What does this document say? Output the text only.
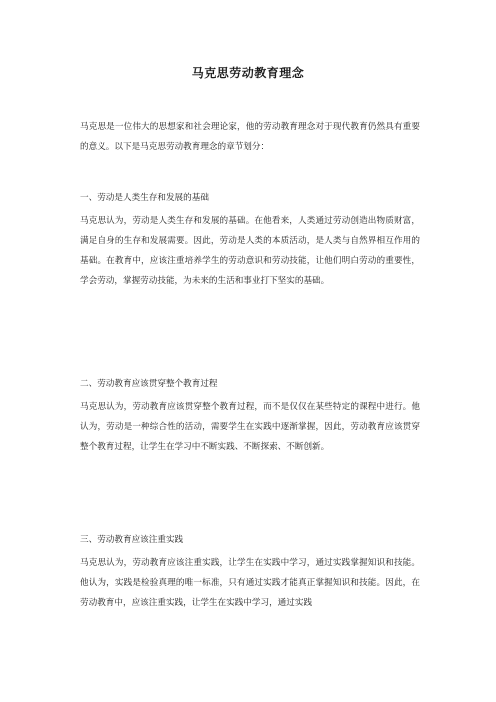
马克思劳动教育理念

马克思是一位伟大的思想家和社会理论家，他的劳动教育理念对于现代教育仍然具有重要的意义。以下是马克思劳动教育理念的章节划分：

一、劳动是人类生存和发展的基础

马克思认为，劳动是人类生存和发展的基础。在他看来，人类通过劳动创造出物质财富，满足自身的生存和发展需要。因此，劳动是人类的本质活动，是人类与自然界相互作用的基础。在教育中，应该注重培养学生的劳动意识和劳动技能，让他们明白劳动的重要性，学会劳动，掌握劳动技能，为未来的生活和事业打下坚实的基础。

二、劳动教育应该贯穿整个教育过程

马克思认为，劳动教育应该贯穿整个教育过程，而不是仅仅在某些特定的课程中进行。他认为，劳动是一种综合性的活动，需要学生在实践中逐渐掌握，因此，劳动教育应该贯穿整个教育过程，让学生在学习中不断实践、不断探索、不断创新。

三、劳动教育应该注重实践

马克思认为，劳动教育应该注重实践，让学生在实践中学习，通过实践掌握知识和技能。他认为，实践是检验真理的唯一标准，只有通过实践才能真正掌握知识和技能。因此，在劳动教育中，应该注重实践，让学生在实践中学习，通过实践
